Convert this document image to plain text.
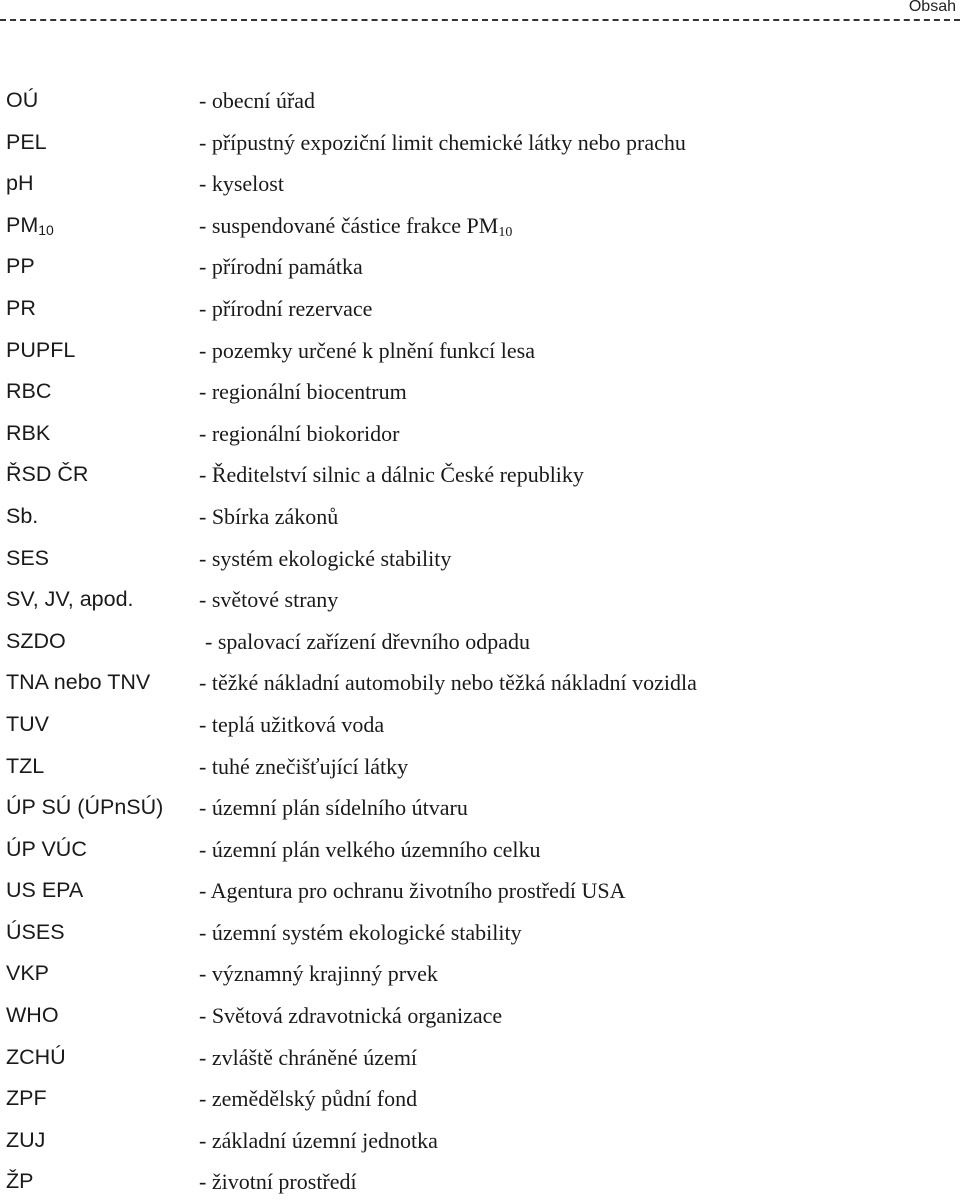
Obsah
OÚ	- obecní úřad
PEL	- přípustný expoziční limit chemické látky nebo prachu
pH	- kyselost
$PM_{10}$	- suspendované částice frakce $PM_{10}$
PP	- přírodní památka
PR	- přírodní rezervace
PUPFL	- pozemky určené k plnění funkcí lesa
RBC	- regionální biocentrum
RBK	- regionální biokoridor
ŘSD ČR	- Ředitelství silnic a dálnic České republiky
Sb.	- Sbírka zákonů
SES	- systém ekologické stability
SV, JV, apod.	- světové strany
SZDO	- spalovací zařízení dřevního odpadu
TNA nebo TNV - těžké nákladní automobily nebo těžká nákladní vozidla
TUV	- teplá užitková voda
TZL	- tuhé znečišťující látky
ÚP SÚ (ÚPnSÚ) - územní plán sídelního útvaru
ÚP VÚC	- územní plán velkého územního celku
US EPA	- Agentura pro ochranu životního prostředí USA
ÚSES	- územní systém ekologické stability
VKP	- významný krajinný prvek
WHO	- Světová zdravotnická organizace
ZCHÚ	- zvláště chráněné území
ZPF	- zemědělský půdní fond
ZUJ	- základní územní jednotka
ŽP	- životní prostředí
